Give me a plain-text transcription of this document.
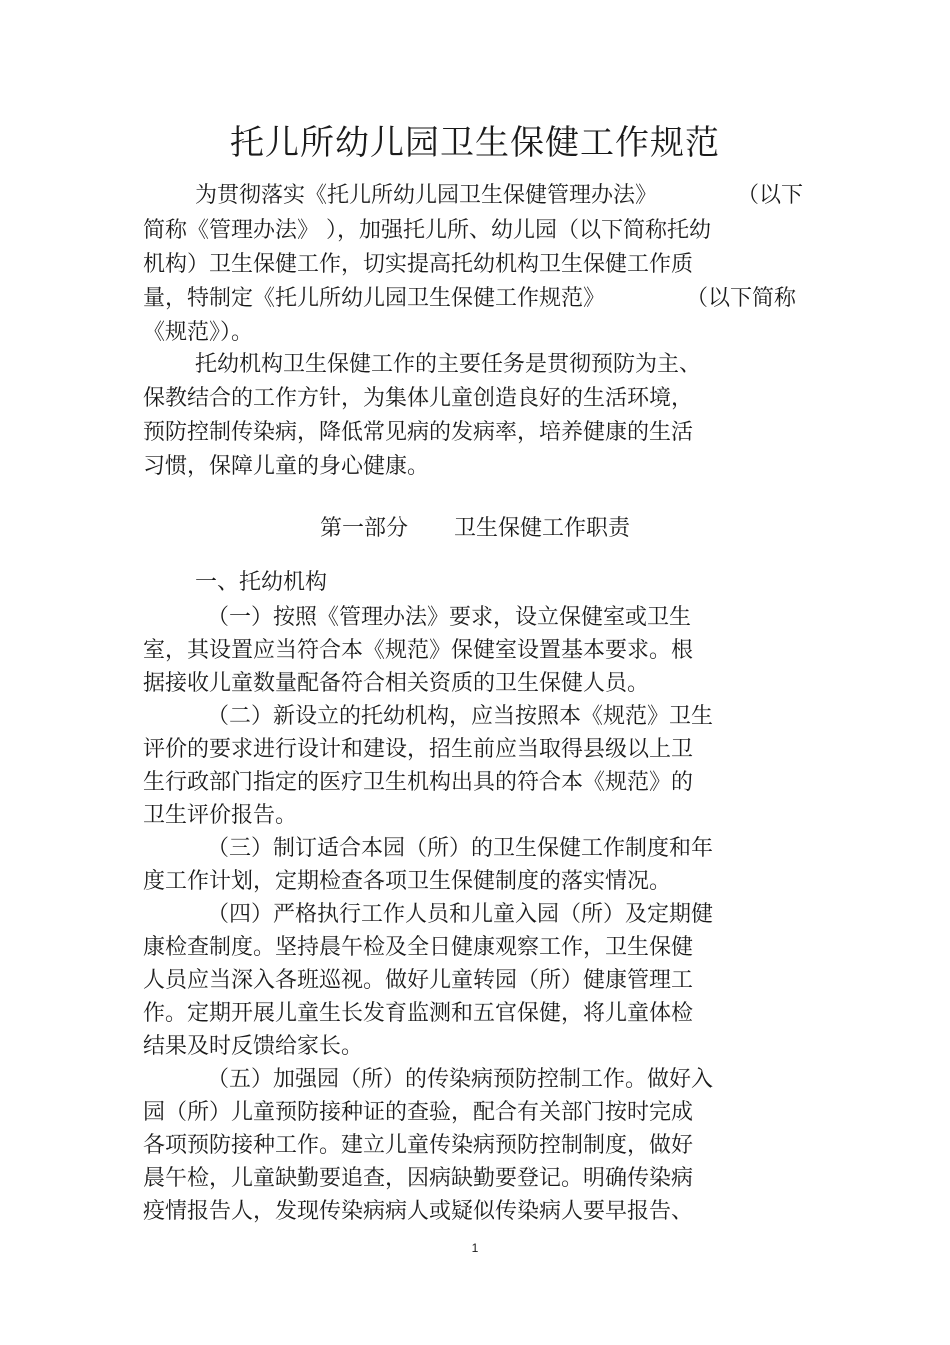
托儿所幼儿园卫生保健工作规范
为贯彻落实《托儿所幼儿园卫生保健管理办法》	（以下
简称《管理办法》 ），加强托儿所、幼儿园（以下简称托幼
机构）卫生保健工作，切实提高托幼机构卫生保健工作质
量，特制定《托儿所幼儿园卫生保健工作规范》	（以下简称
《规范》）。
托幼机构卫生保健工作的主要任务是贯彻预防为主、
保教结合的工作方针，为集体儿童创造良好的生活环境，
预防控制传染病，降低常见病的发病率，培养健康的生活
习惯，保障儿童的身心健康。
第一部分 卫生保健工作职责
一、托幼机构
（一）按照《管理办法》要求，设立保健室或卫生
室，其设置应当符合本《规范》保健室设置基本要求。根
据接收儿童数量配备符合相关资质的卫生保健人员。
（二）新设立的托幼机构，应当按照本《规范》卫生
评价的要求进行设计和建设，招生前应当取得县级以上卫
生行政部门指定的医疗卫生机构出具的符合本《规范》的
卫生评价报告。
（三）制订适合本园（所）的卫生保健工作制度和年
度工作计划，定期检查各项卫生保健制度的落实情况。
（四）严格执行工作人员和儿童入园（所）及定期健
康检查制度。坚持晨午检及全日健康观察工作，卫生保健
人员应当深入各班巡视。做好儿童转园（所）健康管理工
作。定期开展儿童生长发育监测和五官保健，将儿童体检
结果及时反馈给家长。
（五）加强园（所）的传染病预防控制工作。做好入
园（所）儿童预防接种证的查验，配合有关部门按时完成
各项预防接种工作。建立儿童传染病预防控制制度，做好
晨午检，儿童缺勤要追查，因病缺勤要登记。明确传染病
疫情报告人，发现传染病病人或疑似传染病人要早报告、
1
